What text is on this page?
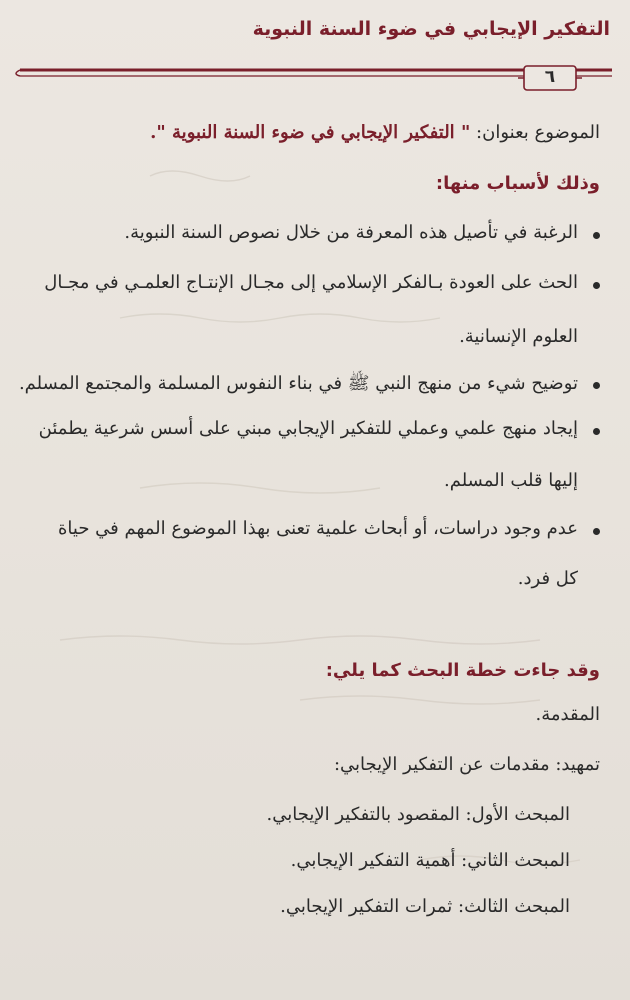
التفكير الإيجابي في ضوء السنة النبوية
٦
الموضوع بعنوان: " التفكير الإيجابي في ضوء السنة النبوية ".
وذلك لأسباب منها:
الرغبة في تأصيل هذه المعرفة من خلال نصوص السنة النبوية.
الحث على العودة بـالفكر الإسلامي إلى مجـال الإنتـاج العلمـي في مجـال
العلوم الإنسانية.
توضيح شيء من منهج النبي ﷺ في بناء النفوس المسلمة والمجتمع المسلم.
إيجاد منهج علمي وعملي للتفكير الإيجابي مبني على أسس شرعية يطمئن
إليها قلب المسلم.
عدم وجود دراسات، أو أبحاث علمية تعنى بهذا الموضوع المهم في حياة
كل فرد.
وقد جاءت خطة البحث كما يلي:
المقدمة.
تمهيد: مقدمات عن التفكير الإيجابي:
المبحث الأول: المقصود بالتفكير الإيجابي.
المبحث الثاني: أهمية التفكير الإيجابي.
المبحث الثالث: ثمرات التفكير الإيجابي.
